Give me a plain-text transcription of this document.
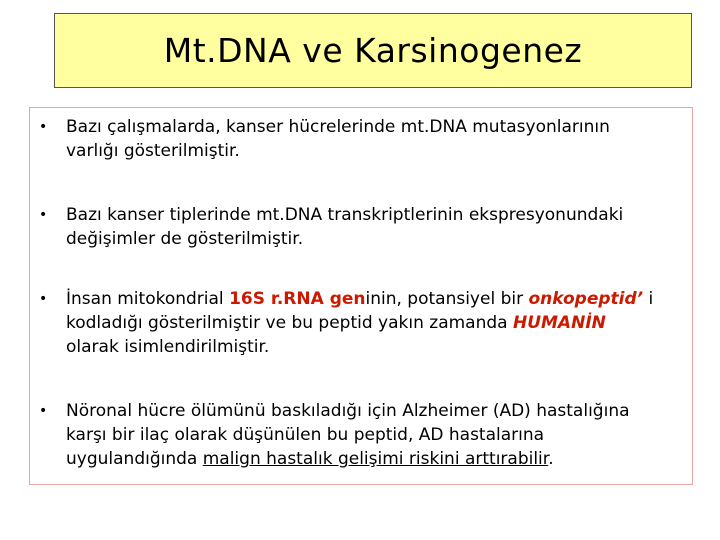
Mt.DNA ve Karsinogenez
• Bazı çalışmalarda, kanser hücrelerinde mt.DNA mutasyonlarının
varlığı gösterilmiştir.
• Bazı kanser tiplerinde mt.DNA transkriptlerinin ekspresyonundaki
değişimler de gösterilmiştir.
• İnsan mitokondrial 16S r.RNA geninin, potansiyel bir onkopeptid’ i
kodladığı gösterilmiştir ve bu peptid yakın zamanda HUMANİN
olarak isimlendirilmiştir.
• Nöronal hücre ölümünü baskıladığı için Alzheimer (AD) hastalığına
karşı bir ilaç olarak düşünülen bu peptid, AD hastalarına
uygulandığında malign hastalık gelişimi riskini arttırabilir.
